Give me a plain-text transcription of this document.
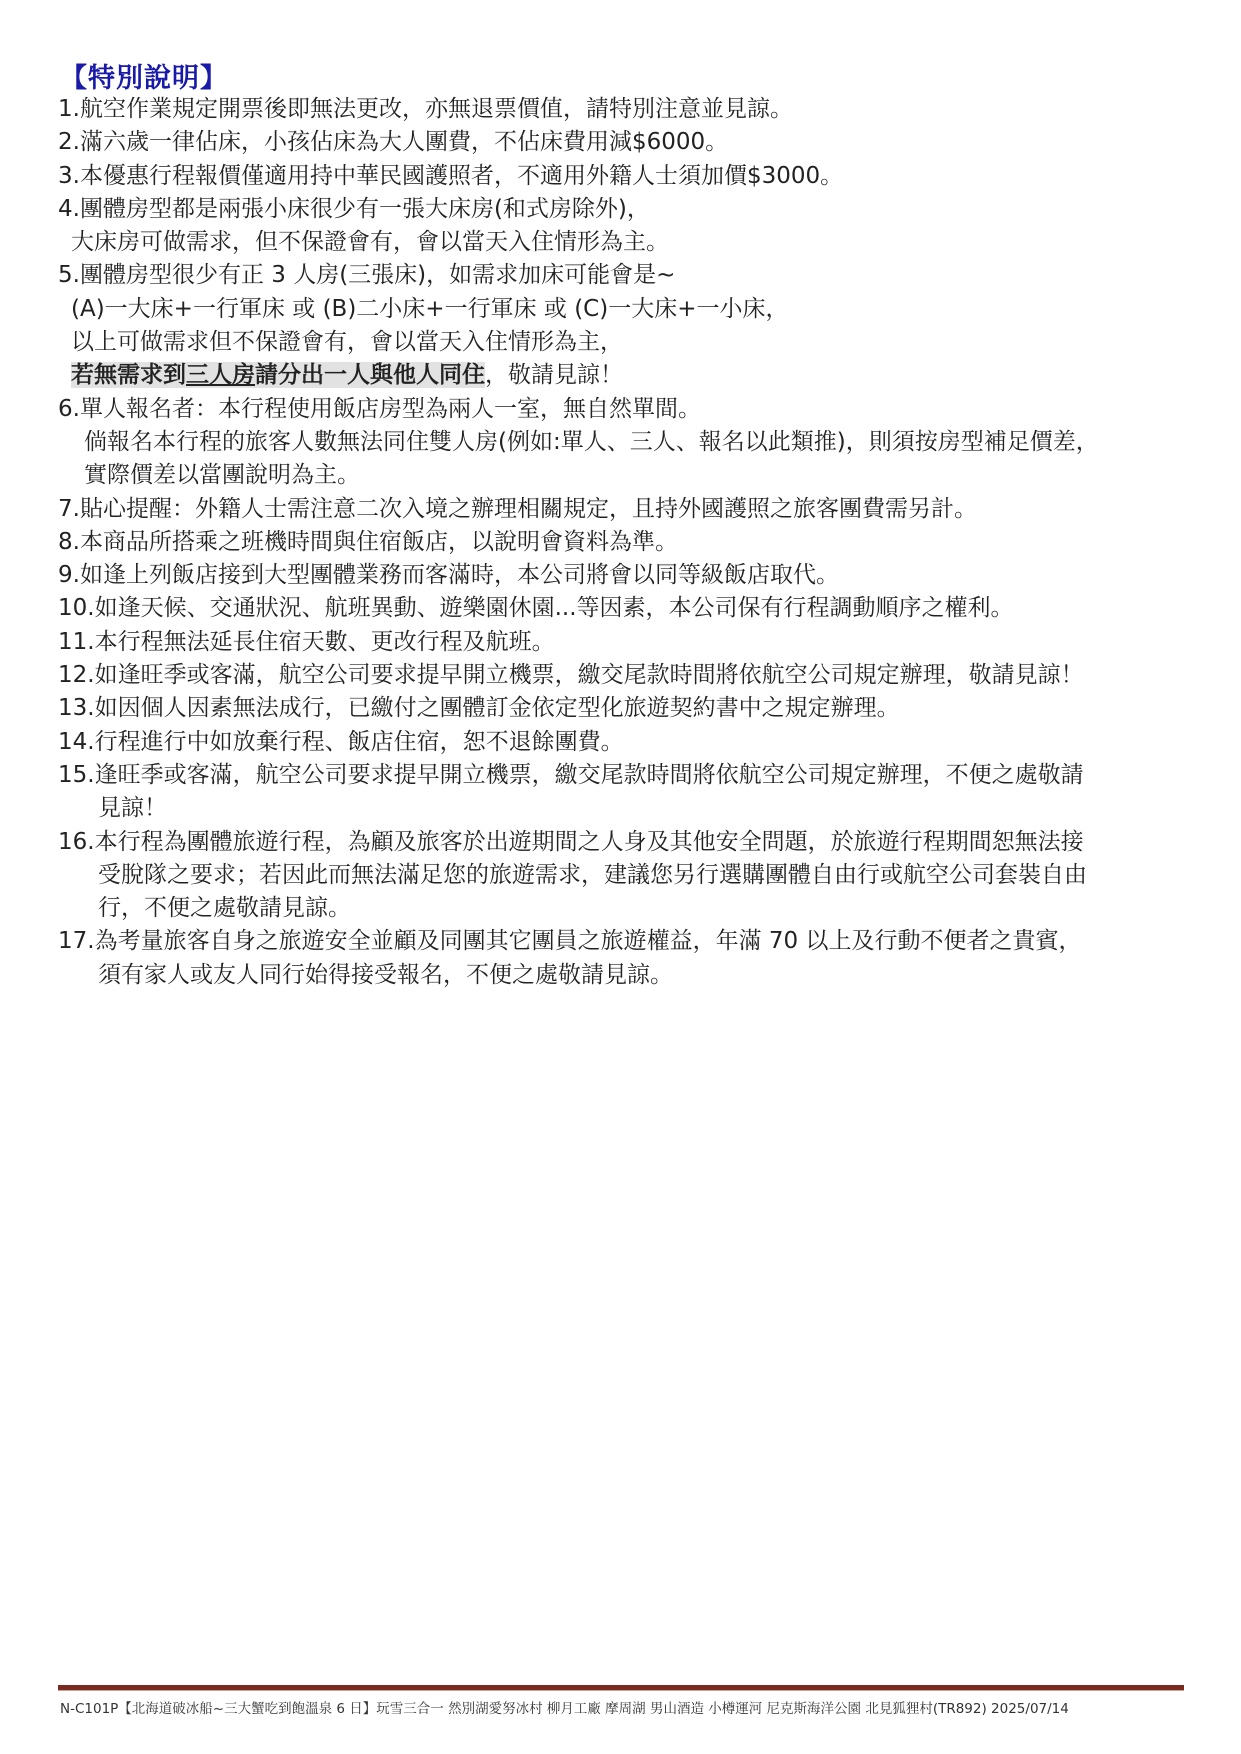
【特別說明】
1.航空作業規定開票後即無法更改，亦無退票價值，請特別注意並見諒。
2.滿六歲一律佔床，小孩佔床為大人團費，不佔床費用減$6000。
3.本優惠行程報價僅適用持中華民國護照者，不適用外籍人士須加價$3000。
4.團體房型都是兩張小床很少有一張大床房(和式房除外)，
大床房可做需求，但不保證會有，會以當天入住情形為主。
5.團體房型很少有正 3 人房(三張床)，如需求加床可能會是~
(A)一大床+一行軍床 或 (B)二小床+一行軍床 或 (C)一大床+一小床，
以上可做需求但不保證會有，會以當天入住情形為主，
若無需求到三人房請分出一人與他人同住，敬請見諒！
6.單人報名者：本行程使用飯店房型為兩人一室，無自然單間。
倘報名本行程的旅客人數無法同住雙人房(例如:單人、三人、報名以此類推)，則須按房型補足價差，
實際價差以當團說明為主。
7.貼心提醒：外籍人士需注意二次入境之辦理相關規定，且持外國護照之旅客團費需另計。
8.本商品所搭乘之班機時間與住宿飯店，以說明會資料為準。
9.如逢上列飯店接到大型團體業務而客滿時，本公司將會以同等級飯店取代。
10.如逢天候、交通狀況、航班異動、遊樂園休園...等因素，本公司保有行程調動順序之權利。
11.本行程無法延長住宿天數、更改行程及航班。
12.如逢旺季或客滿，航空公司要求提早開立機票，繳交尾款時間將依航空公司規定辦理，敬請見諒！
13.如因個人因素無法成行，已繳付之團體訂金依定型化旅遊契約書中之規定辦理。
14.行程進行中如放棄行程、飯店住宿，恕不退餘團費。
15.逢旺季或客滿，航空公司要求提早開立機票，繳交尾款時間將依航空公司規定辦理，不便之處敬請
見諒！
16.本行程為團體旅遊行程，為顧及旅客於出遊期間之人身及其他安全問題，於旅遊行程期間恕無法接
受脫隊之要求；若因此而無法滿足您的旅遊需求，建議您另行選購團體自由行或航空公司套裝自由
行，不便之處敬請見諒。
17.為考量旅客自身之旅遊安全並顧及同團其它團員之旅遊權益，年滿 70 以上及行動不便者之貴賓，
須有家人或友人同行始得接受報名，不便之處敬請見諒。
N-C101P【北海道破冰船~三大蟹吃到飽溫泉 6 日】玩雪三合一 然別湖愛努冰村 柳月工廠 摩周湖 男山酒造 小樽運河 尼克斯海洋公園 北見狐狸村(TR892) 2025/07/14
